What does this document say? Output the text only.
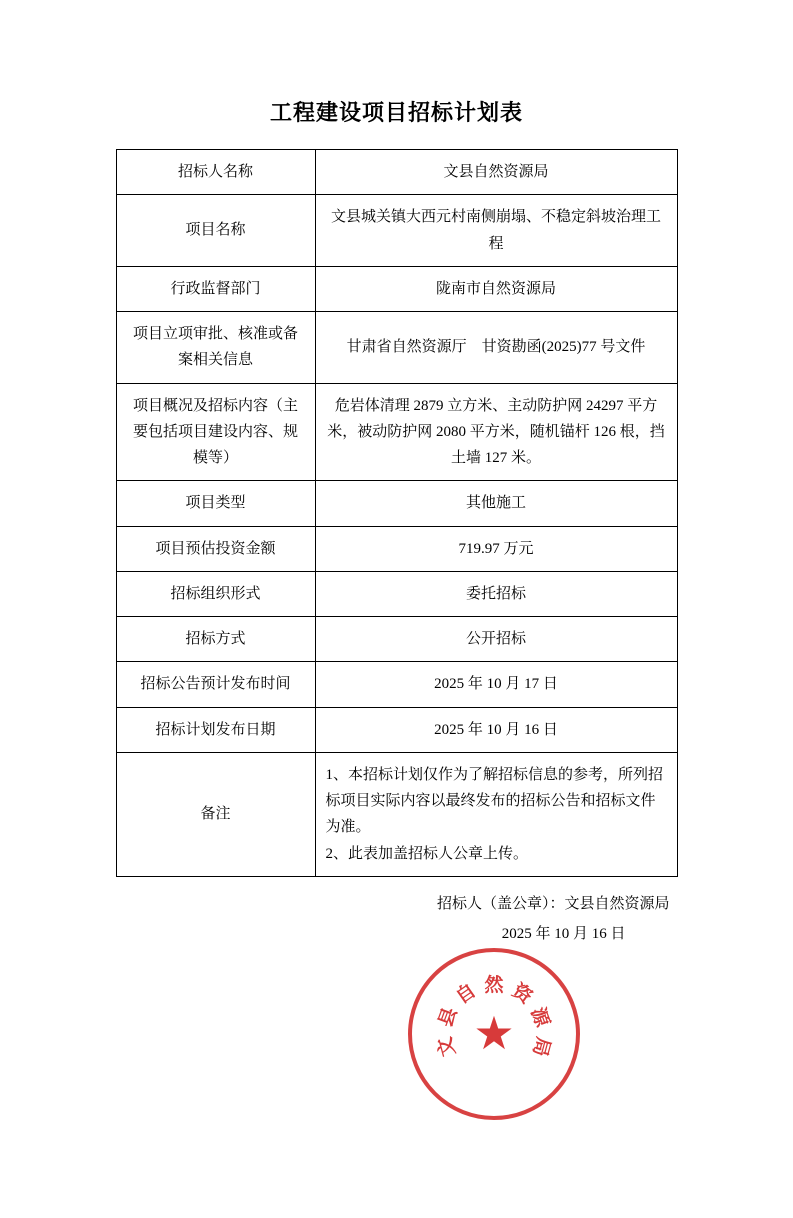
工程建设项目招标计划表
招标人名称	文县自然资源局
项目名称	文县城关镇大西元村南侧崩塌、不稳定斜坡治理工程
行政监督部门	陇南市自然资源局
项目立项审批、核准或备案相关信息	甘肃省自然资源厅　甘资勘函(2025)77 号文件
项目概况及招标内容（主要包括项目建设内容、规模等）	危岩体清理 2879 立方米、主动防护网 24297 平方米，被动防护网 2080 平方米，随机锚杆 126 根，挡土墙 127 米。
项目类型	其他施工
项目预估投资金额	719.97 万元
招标组织形式	委托招标
招标方式	公开招标
招标公告预计发布时间	2025 年 10 月 17 日
招标计划发布日期	2025 年 10 月 16 日
备注	1、本招标计划仅作为了解招标信息的参考，所列招标项目实际内容以最终发布的招标公告和招标文件为准。
2、此表加盖招标人公章上传。
招标人（盖公章）：文县自然资源局
2025 年 10 月 16 日
文
县
自 然 资
源
局
★
